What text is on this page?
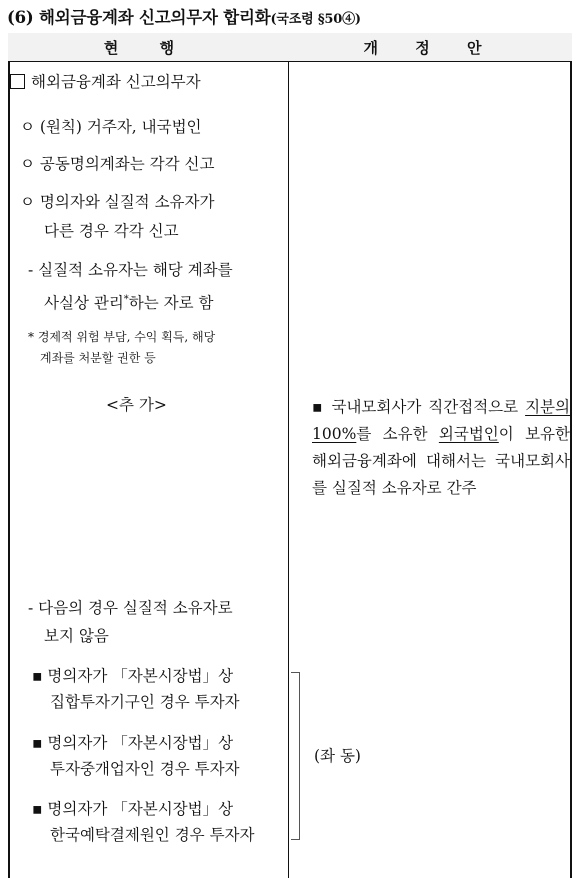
(6) 해외금융계좌 신고의무자 합리화(국조령 §50④)
현 행	개 정 안
해외금융계좌 신고의무자
ㅇ (원칙) 거주자, 내국법인
ㅇ 공동명의계좌는 각각 신고
ㅇ 명의자와 실질적 소유자가
다른 경우 각각 신고
- 실질적 소유자는 해당 계좌를
사실상 관리*하는 자로 함
* 경제적 위험 부담, 수익 획득, 해당
계좌를 처분할 권한 등
<추 가>
- 다음의 경우 실질적 소유자로
보지 않음
▪ 명의자가 「자본시장법」상
집합투자기구인 경우 투자자
▪ 명의자가 「자본시장법」상
투자중개업자인 경우 투자자
▪ 명의자가 「자본시장법」상
한국예탁결제원인 경우 투자자
▪ 국내모회사가 직간접적으로 지분의 100%를 소유한 외국법인이 보유한 해외금융계좌에 대해서는 국내모회사를 실질적 소유자로 간주
(좌 동)
